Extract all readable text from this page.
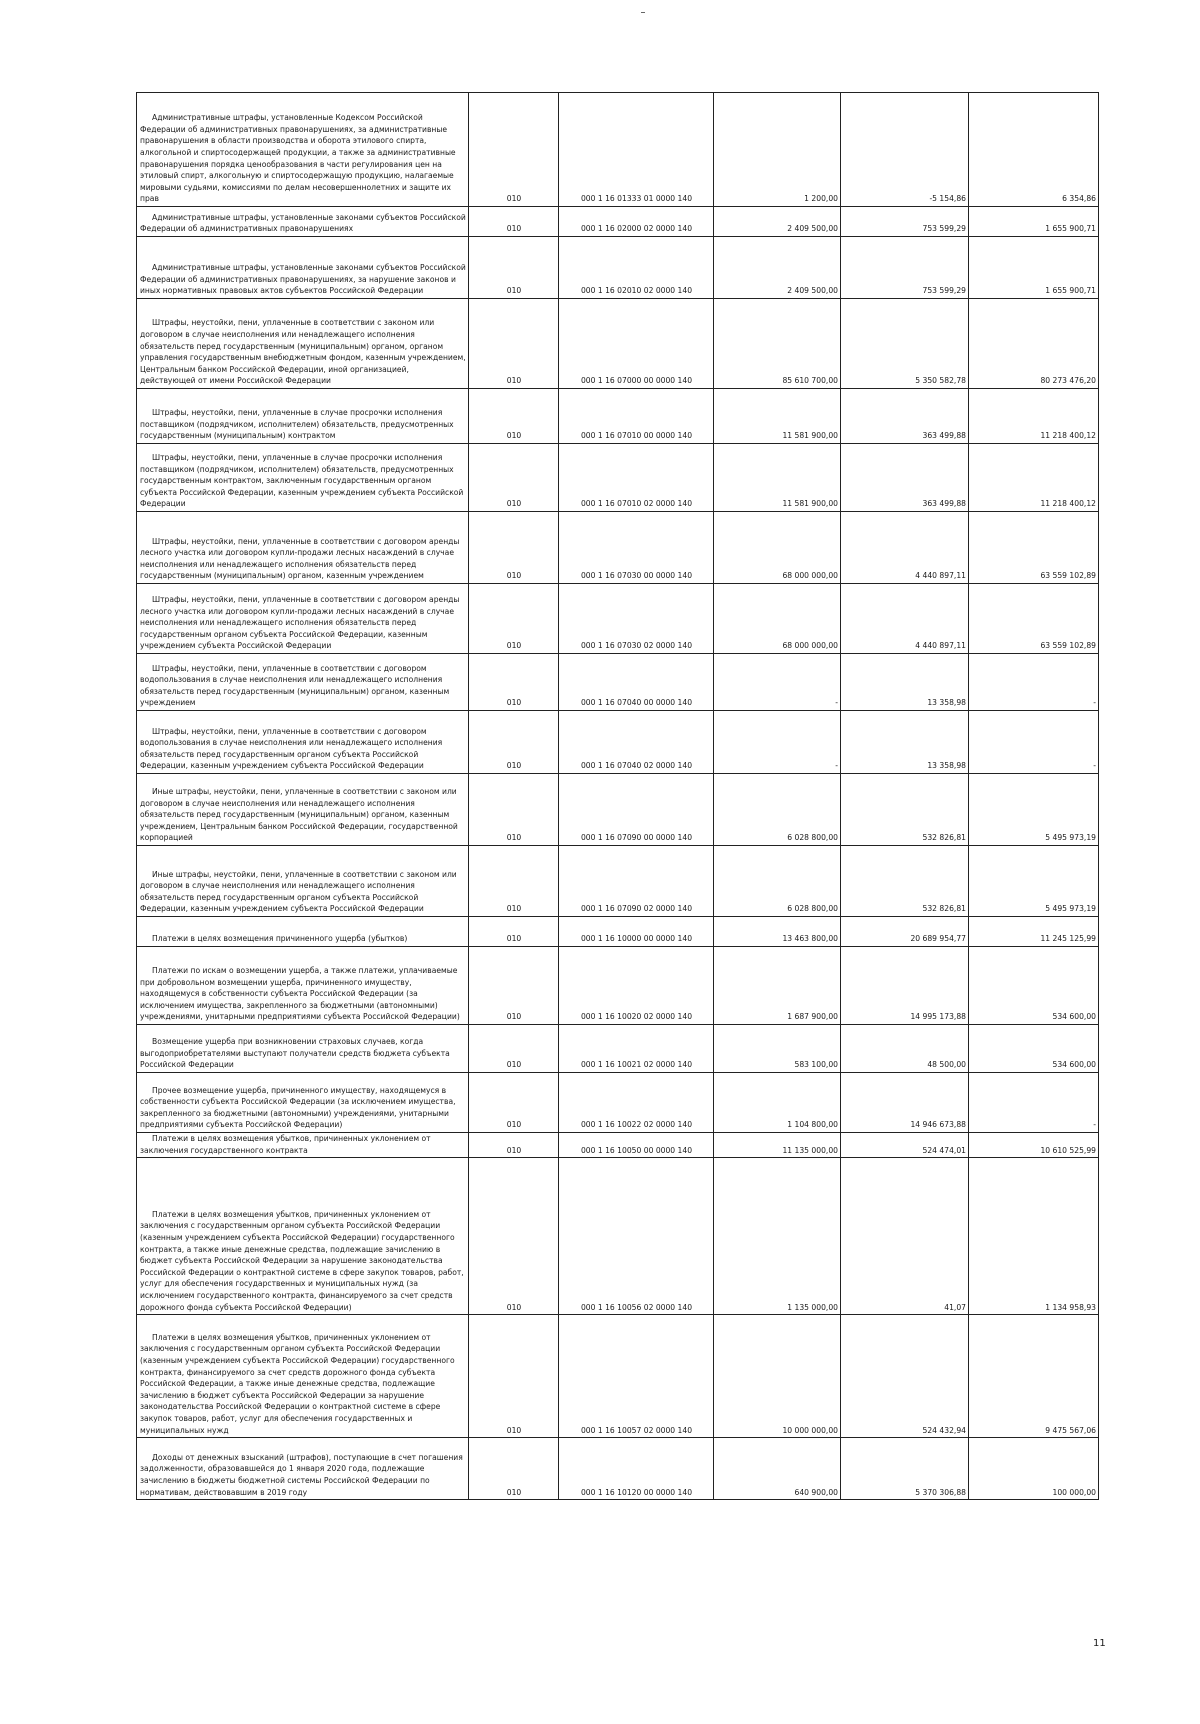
Административные штрафы, установленные Кодексом Российской Федерации об административных правонарушениях, за административные правонарушения в области производства и оборота этилового спирта, алкогольной и спиртосодержащей продукции, а также за административные правонарушения порядка ценообразования в части регулирования цен на этиловый спирт, алкогольную и спиртосодержащую продукцию, налагаемые мировыми судьями, комиссиями по делам несовершеннолетних и защите их прав	010	000 1 16 01333 01 0000 140	1 200,00	-5 154,86	6 354,86
Административные штрафы, установленные законами субъектов Российской Федерации об административных правонарушениях	010	000 1 16 02000 02 0000 140	2 409 500,00	753 599,29	1 655 900,71
Административные штрафы, установленные законами субъектов Российской Федерации об административных правонарушениях, за нарушение законов и иных нормативных правовых актов субъектов Российской Федерации	010	000 1 16 02010 02 0000 140	2 409 500,00	753 599,29	1 655 900,71
Штрафы, неустойки, пени, уплаченные в соответствии с законом или договором в случае неисполнения или ненадлежащего исполнения обязательств перед государственным (муниципальным) органом, органом управления государственным внебюджетным фондом, казенным учреждением, Центральным банком Российской Федерации, иной организацией, действующей от имени Российской Федерации	010	000 1 16 07000 00 0000 140	85 610 700,00	5 350 582,78	80 273 476,20
Штрафы, неустойки, пени, уплаченные в случае просрочки исполнения поставщиком (подрядчиком, исполнителем) обязательств, предусмотренных государственным (муниципальным) контрактом	010	000 1 16 07010 00 0000 140	11 581 900,00	363 499,88	11 218 400,12
Штрафы, неустойки, пени, уплаченные в случае просрочки исполнения поставщиком (подрядчиком, исполнителем) обязательств, предусмотренных государственным контрактом, заключенным государственным органом субъекта Российской Федерации, казенным учреждением субъекта Российской Федерации	010	000 1 16 07010 02 0000 140	11 581 900,00	363 499,88	11 218 400,12
Штрафы, неустойки, пени, уплаченные в соответствии с договором аренды лесного участка или договором купли-продажи лесных насаждений в случае неисполнения или ненадлежащего исполнения обязательств перед государственным (муниципальным) органом, казенным учреждением	010	000 1 16 07030 00 0000 140	68 000 000,00	4 440 897,11	63 559 102,89
Штрафы, неустойки, пени, уплаченные в соответствии с договором аренды лесного участка или договором купли-продажи лесных насаждений в случае неисполнения или ненадлежащего исполнения обязательств перед государственным органом субъекта Российской Федерации, казенным учреждением субъекта Российской Федерации	010	000 1 16 07030 02 0000 140	68 000 000,00	4 440 897,11	63 559 102,89
Штрафы, неустойки, пени, уплаченные в соответствии с договором водопользования в случае неисполнения или ненадлежащего исполнения обязательств перед государственным (муниципальным) органом, казенным учреждением	010	000 1 16 07040 00 0000 140	-	13 358,98	-
Штрафы, неустойки, пени, уплаченные в соответствии с договором водопользования в случае неисполнения или ненадлежащего исполнения обязательств перед государственным органом субъекта Российской Федерации, казенным учреждением субъекта Российской Федерации	010	000 1 16 07040 02 0000 140	-	13 358,98	-
Иные штрафы, неустойки, пени, уплаченные в соответствии с законом или договором в случае неисполнения или ненадлежащего исполнения обязательств перед государственным (муниципальным) органом, казенным учреждением, Центральным банком Российской Федерации, государственной корпорацией	010	000 1 16 07090 00 0000 140	6 028 800,00	532 826,81	5 495 973,19
Иные штрафы, неустойки, пени, уплаченные в соответствии с законом или договором в случае неисполнения или ненадлежащего исполнения обязательств перед государственным органом субъекта Российской Федерации, казенным учреждением субъекта Российской Федерации	010	000 1 16 07090 02 0000 140	6 028 800,00	532 826,81	5 495 973,19
Платежи в целях возмещения причиненного ущерба (убытков)	010	000 1 16 10000 00 0000 140	13 463 800,00	20 689 954,77	11 245 125,99
Платежи по искам о возмещении ущерба, а также платежи, уплачиваемые при добровольном возмещении ущерба, причиненного имуществу, находящемуся в собственности субъекта Российской Федерации (за исключением имущества, закрепленного за бюджетными (автономными) учреждениями, унитарными предприятиями субъекта Российской Федерации)	010	000 1 16 10020 02 0000 140	1 687 900,00	14 995 173,88	534 600,00
Возмещение ущерба при возникновении страховых случаев, когда выгодоприобретателями выступают получатели средств бюджета субъекта Российской Федерации	010	000 1 16 10021 02 0000 140	583 100,00	48 500,00	534 600,00
Прочее возмещение ущерба, причиненного имуществу, находящемуся в собственности субъекта Российской Федерации (за исключением имущества, закрепленного за бюджетными (автономными) учреждениями, унитарными предприятиями субъекта Российской Федерации)	010	000 1 16 10022 02 0000 140	1 104 800,00	14 946 673,88	-
Платежи в целях возмещения убытков, причиненных уклонением от заключения государственного контракта	010	000 1 16 10050 00 0000 140	11 135 000,00	524 474,01	10 610 525,99
Платежи в целях возмещения убытков, причиненных уклонением от заключения с государственным органом субъекта Российской Федерации (казенным учреждением субъекта Российской Федерации) государственного контракта, а также иные денежные средства, подлежащие зачислению в бюджет субъекта Российской Федерации за нарушение законодательства Российской Федерации о контрактной системе в сфере закупок товаров, работ, услуг для обеспечения государственных и муниципальных нужд (за исключением государственного контракта, финансируемого за счет средств дорожного фонда субъекта Российской Федерации)	010	000 1 16 10056 02 0000 140	1 135 000,00	41,07	1 134 958,93
Платежи в целях возмещения убытков, причиненных уклонением от заключения с государственным органом субъекта Российской Федерации (казенным учреждением субъекта Российской Федерации) государственного контракта, финансируемого за счет средств дорожного фонда субъекта Российской Федерации, а также иные денежные средства, подлежащие зачислению в бюджет субъекта Российской Федерации за нарушение законодательства Российской Федерации о контрактной системе в сфере закупок товаров, работ, услуг для обеспечения государственных и муниципальных нужд	010	000 1 16 10057 02 0000 140	10 000 000,00	524 432,94	9 475 567,06
Доходы от денежных взысканий (штрафов), поступающие в счет погашения задолженности, образовавшейся до 1 января 2020 года, подлежащие зачислению в бюджеты бюджетной системы Российской Федерации по нормативам, действовавшим в 2019 году	010	000 1 16 10120 00 0000 140	640 900,00	5 370 306,88	100 000,00
11
